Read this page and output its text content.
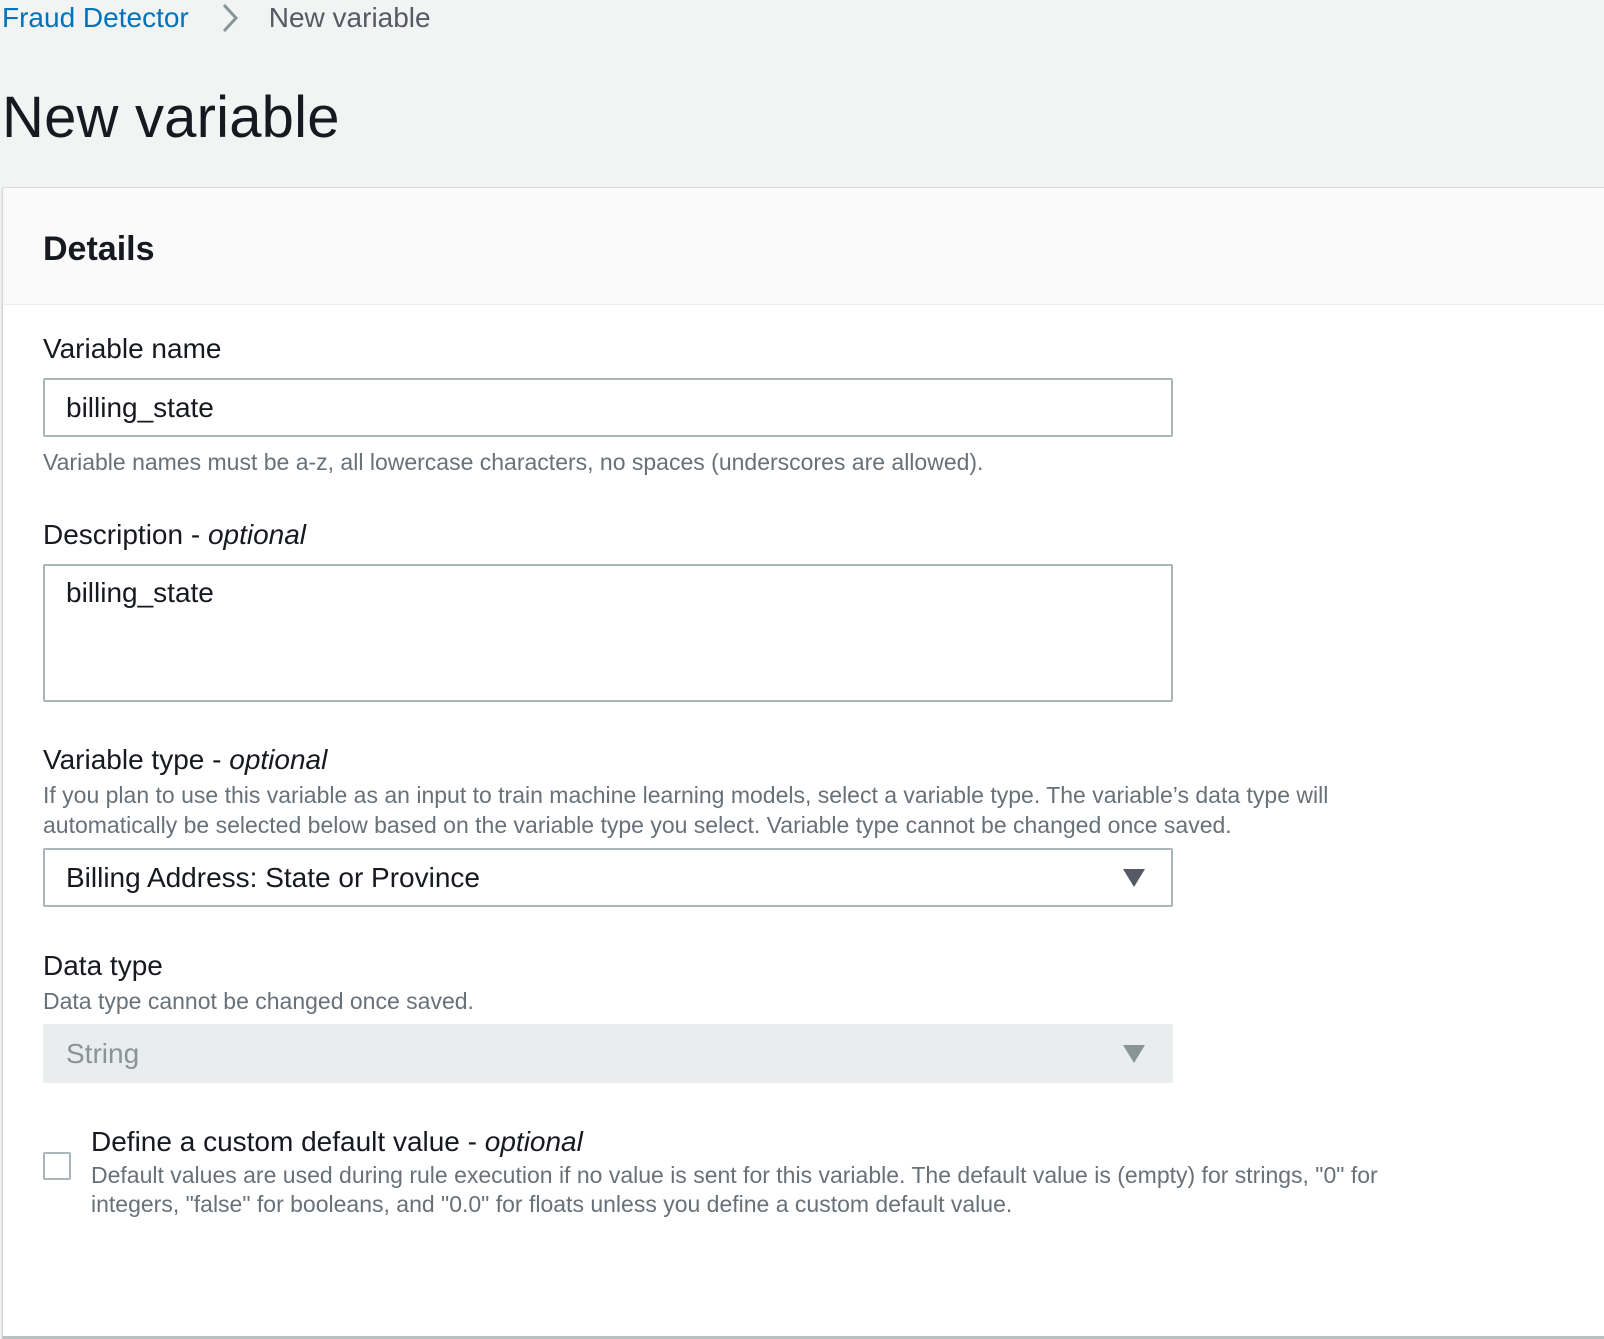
Fraud Detector	New variable
New variable
Details
Variable name
billing_state
Variable names must be a-z, all lowercase characters, no spaces (underscores are allowed).
Description - optional
billing_state
Variable type - optional
If you plan to use this variable as an input to train machine learning models, select a variable type. The variable’s data type will
automatically be selected below based on the variable type you select. Variable type cannot be changed once saved.
Billing Address: State or Province
Data type
Data type cannot be changed once saved.
String
Define a custom default value - optional
Default values are used during rule execution if no value is sent for this variable. The default value is (empty) for strings, "0" for
integers, "false" for booleans, and "0.0" for floats unless you define a custom default value.
